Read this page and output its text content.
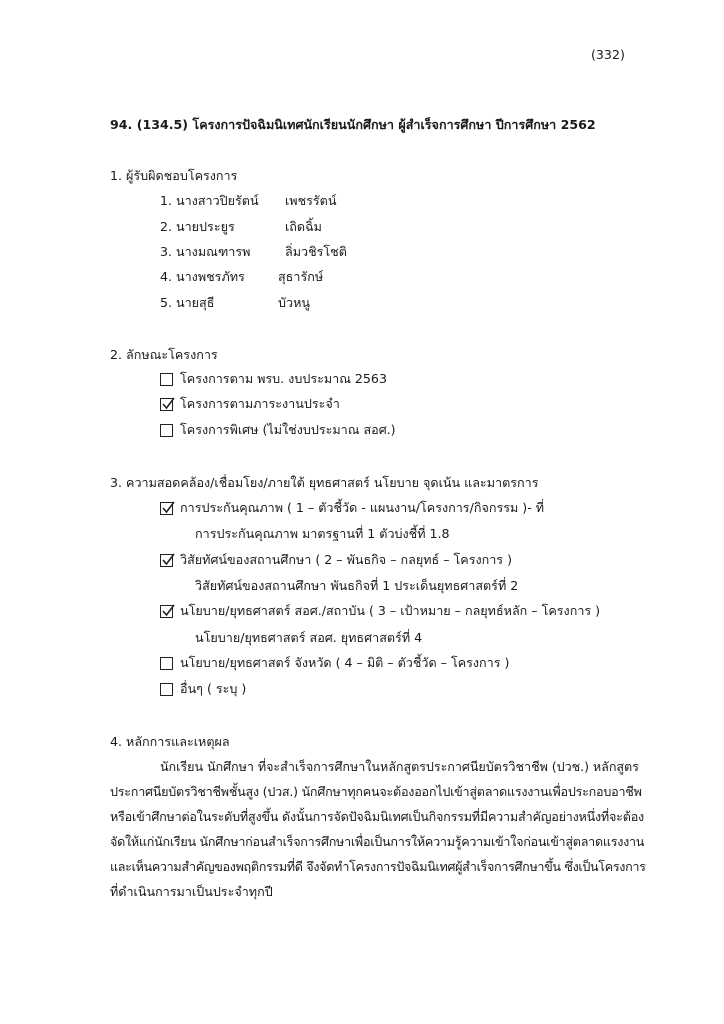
(332)
94. (134.5) โครงการปัจฉิมนิเทศนักเรียนนักศึกษา ผู้สำเร็จการศึกษา ปีการศึกษา 2562
1. ผู้รับผิดชอบโครงการ
1. นางสาวปิยรัตน์ เพชรรัตน์
2. นายประยูร	เถิดฉิ้ม
3. นางมณฑารพ	ลิ่มวชิรโชติ
4. นางพชรภัทร	สุธารักษ์
5. นายสุธี	บัวหนู
2. ลักษณะโครงการ
โครงการตาม พรบ. งบประมาณ 2563
โครงการตามภาระงานประจำ
โครงการพิเศษ (ไม่ใช่งบประมาณ สอศ.)
3. ความสอดคล้อง/เชื่อมโยง/ภายใต้ ยุทธศาสตร์ นโยบาย จุดเน้น และมาตรการ
การประกันคุณภาพ ( 1 – ตัวชี้วัด - แผนงาน/โครงการ/กิจกรรม )- ที่
การประกันคุณภาพ มาตรฐานที่ 1 ตัวบ่งชี้ที่ 1.8
วิสัยทัศน์ของสถานศึกษา ( 2 – พันธกิจ – กลยุทธ์ – โครงการ )
วิสัยทัศน์ของสถานศึกษา พันธกิจที่ 1 ประเด็นยุทธศาสตร์ที่ 2
นโยบาย/ยุทธศาสตร์ สอศ./สถาบัน ( 3 – เป้าหมาย – กลยุทธ์หลัก – โครงการ )
นโยบาย/ยุทธศาสตร์ สอศ. ยุทธศาสตร์ที่ 4
นโยบาย/ยุทธศาสตร์ จังหวัด ( 4 – มิติ – ตัวชี้วัด – โครงการ )
อื่นๆ ( ระบุ )
4. หลักการและเหตุผล
นักเรียน นักศึกษา ที่จะสำเร็จการศึกษาในหลักสูตรประกาศนียบัตรวิชาชีพ (ปวช.) หลักสูตร
ประกาศนียบัตรวิชาชีพชั้นสูง (ปวส.) นักศึกษาทุกคนจะต้องออกไปเข้าสู่ตลาดแรงงานเพื่อประกอบอาชีพ
หรือเข้าศึกษาต่อในระดับที่สูงขึ้น ดังนั้นการจัดปัจฉิมนิเทศเป็นกิจกรรมที่มีความสำคัญอย่างหนึ่งที่จะต้อง
จัดให้แก่นักเรียน นักศึกษาก่อนสำเร็จการศึกษาเพื่อเป็นการให้ความรู้ความเข้าใจก่อนเข้าสู่ตลาดแรงงาน
และเห็นความสำคัญของพฤติกรรมที่ดี จึงจัดทำโครงการปัจฉิมนิเทศผู้สำเร็จการศึกษาขึ้น ซึ่งเป็นโครงการ
ที่ดำเนินการมาเป็นประจำทุกปี
